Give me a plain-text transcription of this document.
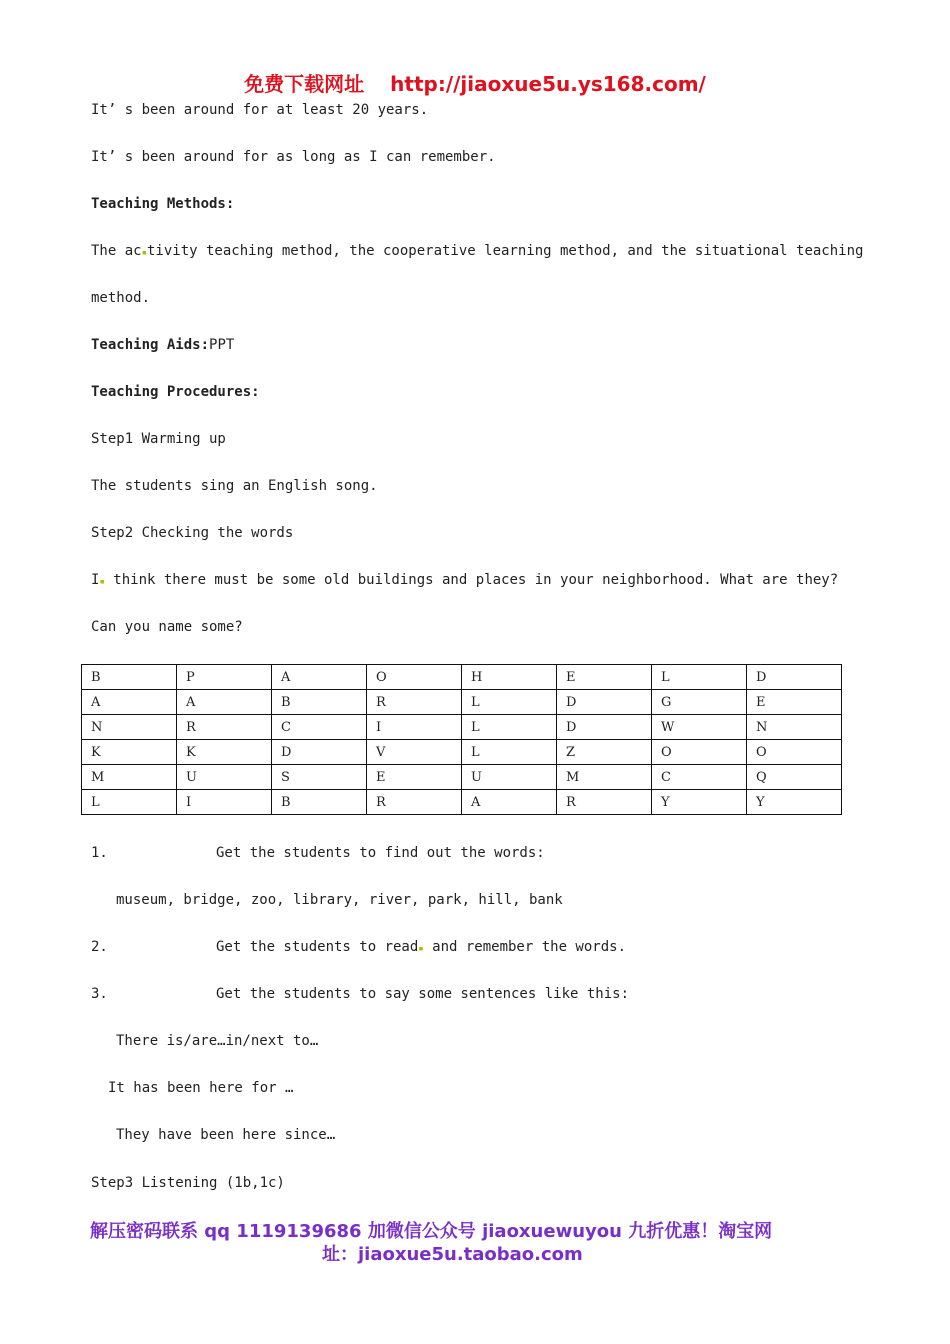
免费下载网址 http://jiaoxue5u.ys168.com/
It’ s been around for at least 20 years.
It’ s been around for as long as I can remember.
Teaching Methods:
The ac▪tivity teaching method, the cooperative learning method, and the situational teaching
method.
Teaching Aids:PPT
Teaching Procedures:
Step1 Warming up
The students sing an English song.
Step2 Checking the words
I▪ think there must be some old buildings and places in your neighborhood. What are they?
Can you name some?
B	P	A	O	H	E	L	D
A	A	B	R	L	D	G	E
N	R	C	I	L	D	W	N
K	K	D	V	L	Z	O	O
M	U	S	E	U	M	C	Q
L	I	B	R	A	R	Y	Y
1.	Get the students to find out the words:
museum, bridge, zoo, library, river, park, hill, bank
2.	Get the students to read▪ and remember the words.
3.	Get the students to say some sentences like this:
There is/are…in/next to…
It has been here for …
They have been here since…
Step3 Listening (1b,1c)
解压密码联系 qq 1119139686 加微信公众号 jiaoxuewuyou 九折优惠！淘宝网
址：jiaoxue5u.taobao.com
